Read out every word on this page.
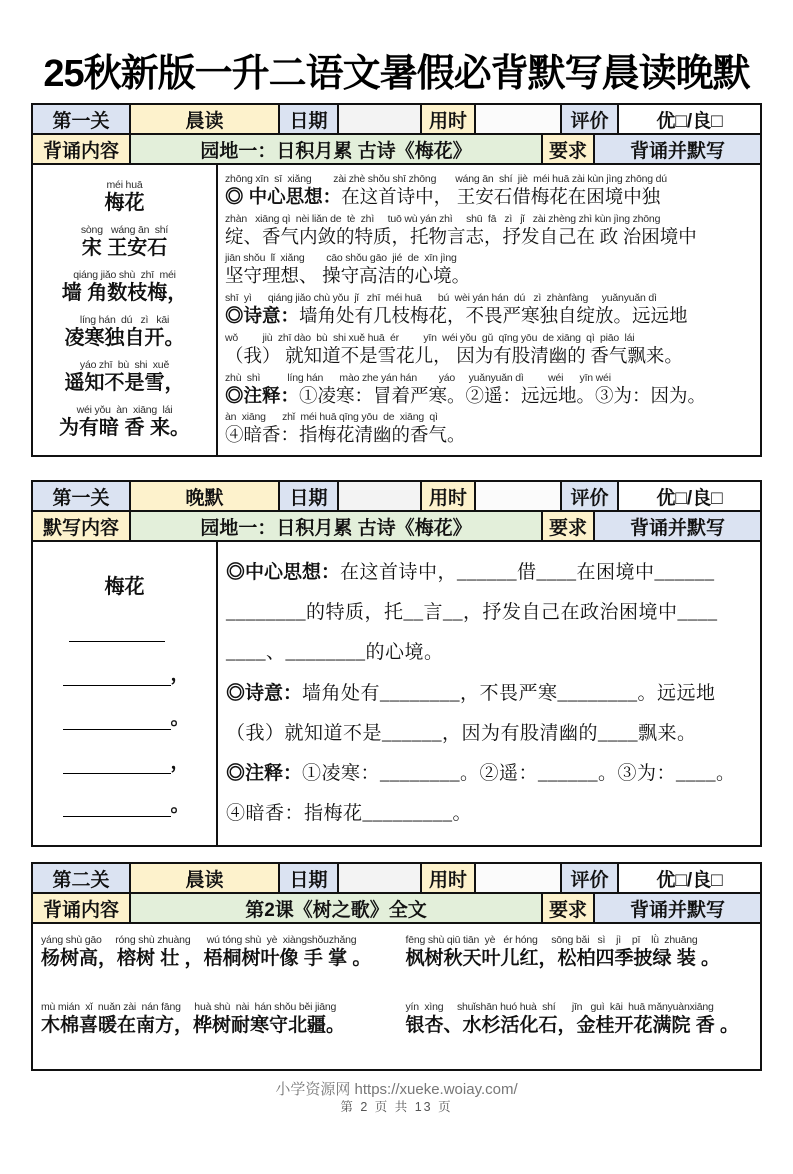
25秋新版一升二语文暑假必背默写晨读晚默
第一关	晨读	日期	用时	评价	优□/良□
背诵内容	园地一：日积月累 古诗《梅花》	要求	背诵并默写
méi huā
梅花
sòng   wáng ān  shí
宋 王安石
qiáng jiǎo shù  zhī  méi
墙 角数枝梅，
líng hán  dú   zì   kāi
凌寒独自开。
yáo zhī  bù  shi  xuě
遥知不是雪，
wéi yǒu  àn  xiāng  lái
为有暗 香 来。
zhōng xīn  sī  xiǎng        zài zhè shǒu shī zhōng       wáng ān  shí  jiè  méi huā zài kùn jìng zhōng dú
◎ 中心思想：在这首诗中， 王安石借梅花在困境中独
zhàn   xiāng qì  nèi liǎn de  tè  zhì     tuō wù yán zhì     shū  fā   zì   jǐ   zài zhèng zhì kùn jìng zhōng
绽、香气内敛的特质，托物言志，抒发自己在 政 治困境中
jiān shǒu  lǐ  xiǎng        cāo shǒu gāo  jié  de  xīn jìng
坚守理想、 操守高洁的心境。
shī  yì      qiáng jiǎo chù yǒu  jǐ   zhī  méi huā      bú  wèi yán hán  dú   zì  zhànfàng     yuǎnyuǎn dì
◎诗意：墙角处有几枝梅花，不畏严寒独自绽放。远远地
wǒ         jiù  zhī dào  bù  shi xuě huā  ér         yīn  wéi yǒu  gǔ  qīng yōu  de xiāng  qì  piāo  lái
（我） 就知道不是雪花儿， 因为有股清幽的 香气飘来。
zhù  shì          líng hán      mào zhe yán hán        yáo     yuǎnyuǎn dì         wéi      yīn wéi
◎注释：①凌寒：冒着严寒。②遥：远远地。③为：因为。
àn  xiāng      zhǐ  méi huā qīng yōu  de  xiāng  qì
④暗香：指梅花清幽的香气。
第一关	晚默	日期	用时	评价	优□/良□
默写内容	园地一：日积月累 古诗《梅花》	要求	背诵并默写
梅花
，
。
，
。
◎中心思想：在这首诗中，______借____在困境中______
________的特质，托__言__，抒发自己在政治困境中____
____、________的心境。
◎诗意：墙角处有________，不畏严寒________。远远地
（我）就知道不是______，因为有股清幽的____飘来。
◎注释：①凌寒：________。②遥：______。③为：____。
④暗香：指梅花_________。
第二关	晨读	日期	用时	评价	优□/良□
背诵内容	第2课《树之歌》全文	要求	背诵并默写
yáng shù gāo     róng shù zhuàng      wú tóng shù  yè  xiàngshǒuzhǎng
杨树高，榕树 壮 ，梧桐树叶像 手 掌 。
fēng shù qiū tiān  yè   ér hóng     sōng bǎi   sì    jì    pī    lǜ  zhuāng
枫树秋天叶儿红，松柏四季披绿 装 。
mù mián  xǐ  nuǎn zài  nán fāng     huà shù  nài  hán shǒu běi jiāng
木棉喜暖在南方，桦树耐寒守北疆。
yín  xìng     shuǐshān huó huà  shí      jīn   guì  kāi  huā mǎnyuànxiāng
银杏、水杉活化石，金桂开花满院 香 。
小学资源网 https://xueke.woiay.com/
第 2 页 共 13 页
